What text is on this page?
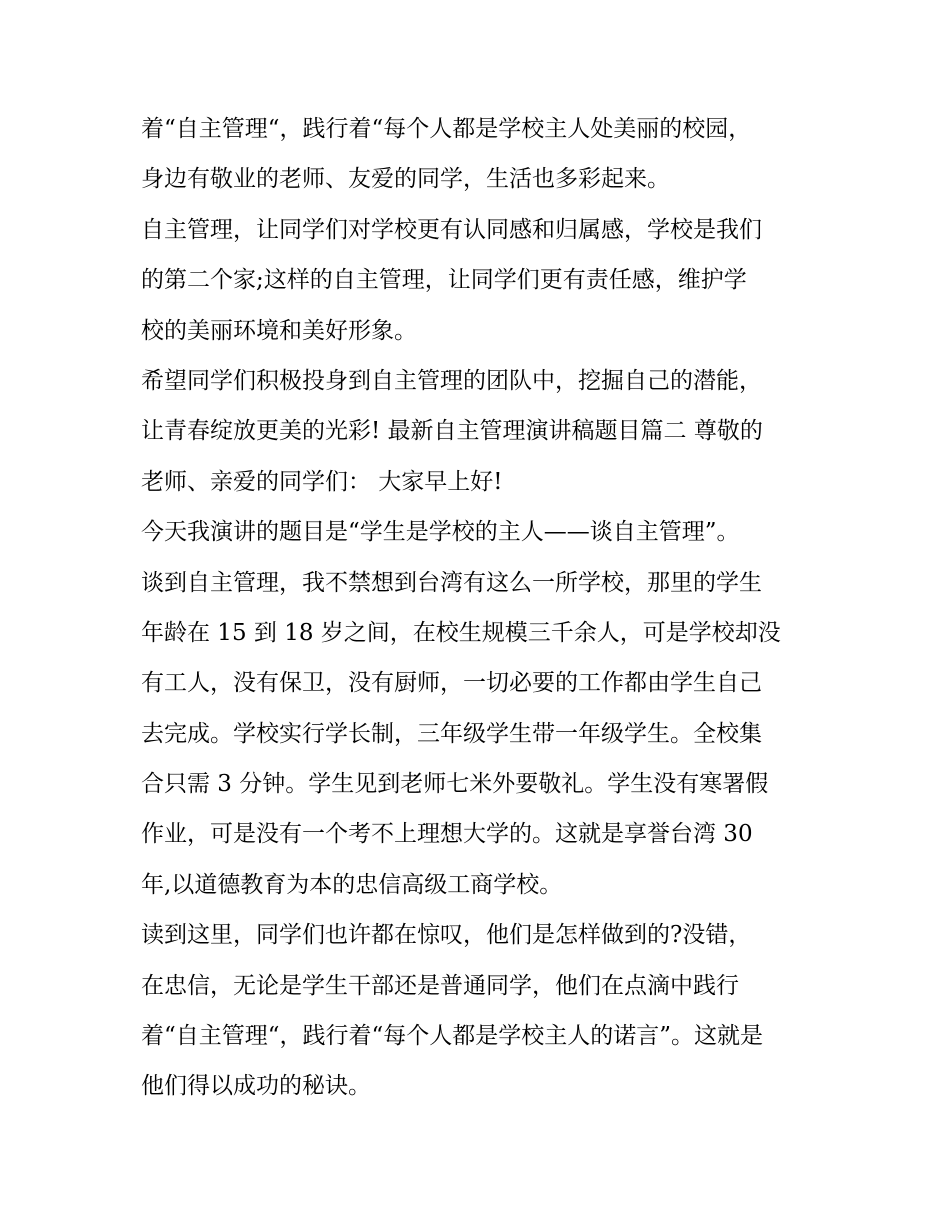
着“自主管理“，践行着“每个人都是学校主人处美丽的校园，
身边有敬业的老师、友爱的同学，生活也多彩起来。
自主管理，让同学们对学校更有认同感和归属感，学校是我们
的第二个家;这样的自主管理，让同学们更有责任感，维护学
校的美丽环境和美好形象。
希望同学们积极投身到自主管理的团队中，挖掘自己的潜能，
让青春绽放更美的光彩! 最新自主管理演讲稿题目篇二 尊敬的
老师、亲爱的同学们： 大家早上好!
今天我演讲的题目是“学生是学校的主人——谈自主管理”。
谈到自主管理，我不禁想到台湾有这么一所学校，那里的学生
年龄在 15 到 18 岁之间，在校生规模三千余人，可是学校却没
有工人，没有保卫，没有厨师，一切必要的工作都由学生自己
去完成。学校实行学长制，三年级学生带一年级学生。全校集
合只需 3 分钟。学生见到老师七米外要敬礼。学生没有寒署假
作业，可是没有一个考不上理想大学的。这就是享誉台湾 30
年,以道德教育为本的忠信高级工商学校。
读到这里，同学们也许都在惊叹，他们是怎样做到的?没错，
在忠信，无论是学生干部还是普通同学，他们在点滴中践行
着“自主管理“，践行着“每个人都是学校主人的诺言”。这就是
他们得以成功的秘诀。
